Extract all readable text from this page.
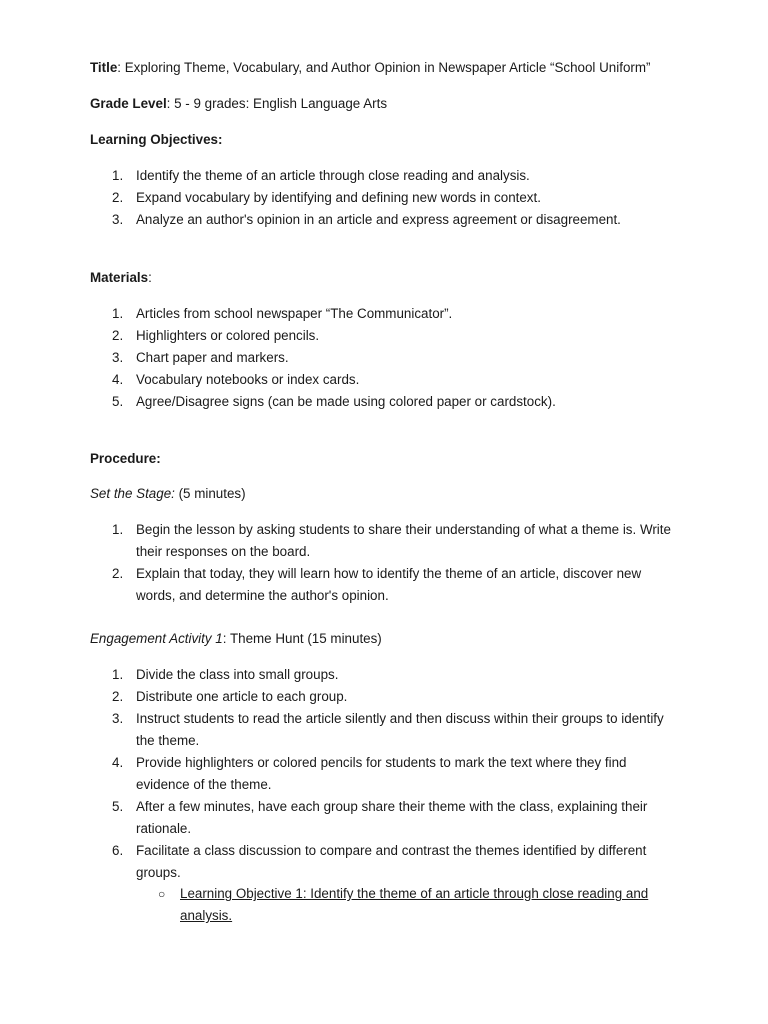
Title: Exploring Theme, Vocabulary, and Author Opinion in Newspaper Article “School Uniform”
Grade Level: 5 - 9 grades: English Language Arts
Learning Objectives:
1. Identify the theme of an article through close reading and analysis.
2. Expand vocabulary by identifying and defining new words in context.
3. Analyze an author's opinion in an article and express agreement or disagreement.
Materials:
1. Articles from school newspaper “The Communicator”.
2. Highlighters or colored pencils.
3. Chart paper and markers.
4. Vocabulary notebooks or index cards.
5. Agree/Disagree signs (can be made using colored paper or cardstock).
Procedure:
Set the Stage: (5 minutes)
1. Begin the lesson by asking students to share their understanding of what a theme is. Write their responses on the board.
2. Explain that today, they will learn how to identify the theme of an article, discover new words, and determine the author's opinion.
Engagement Activity 1: Theme Hunt (15 minutes)
1. Divide the class into small groups.
2. Distribute one article to each group.
3. Instruct students to read the article silently and then discuss within their groups to identify the theme.
4. Provide highlighters or colored pencils for students to mark the text where they find evidence of the theme.
5. After a few minutes, have each group share their theme with the class, explaining their rationale.
6. Facilitate a class discussion to compare and contrast the themes identified by different groups.
○	Learning Objective 1: Identify the theme of an article through close reading and analysis.
